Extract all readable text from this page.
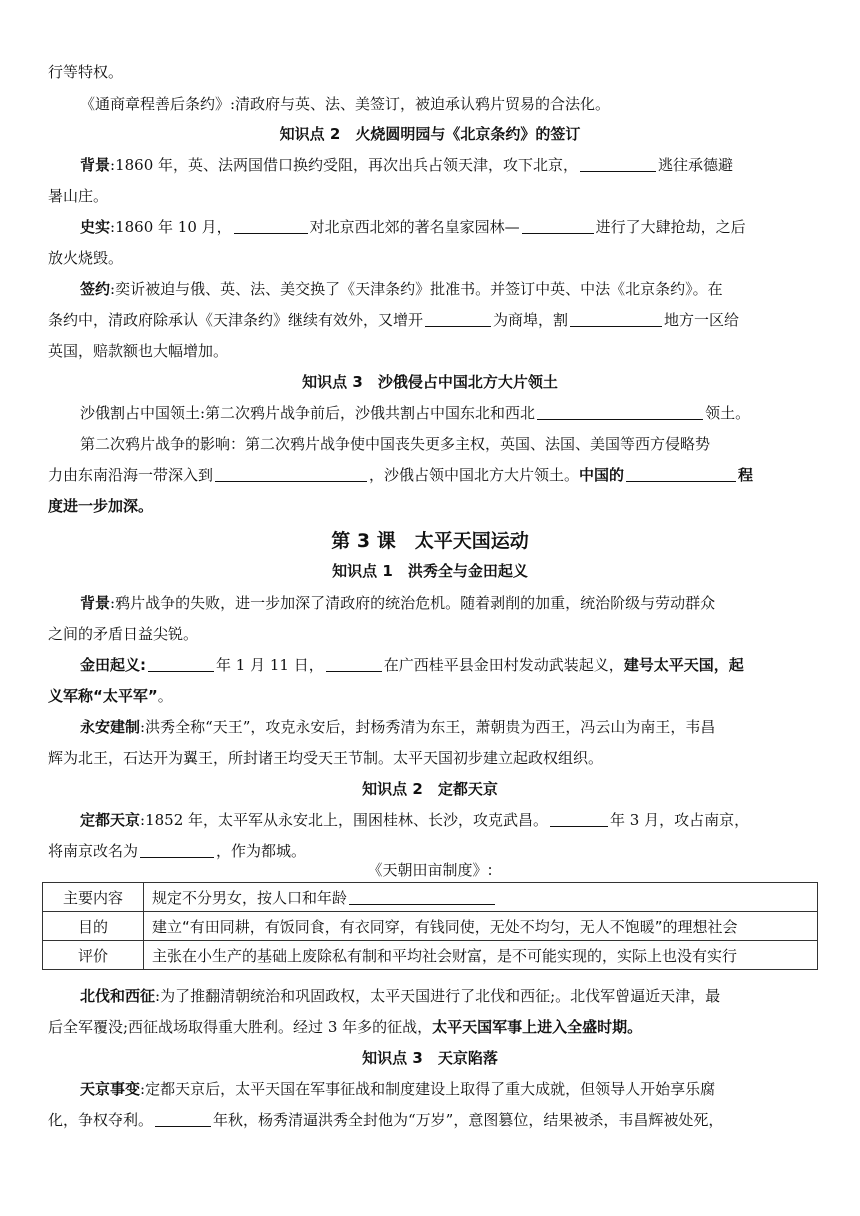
行等特权。
《通商章程善后条约》:清政府与英、法、美签订，被迫承认鸦片贸易的合法化。
知识点 2　火烧圆明园与《北京条约》的签订
背景:1860 年，英、法两国借口换约受阻，再次出兵占领天津，攻下北京，	逃往承德避
暑山庄。
史实:1860 年 10 月，	对北京西北郊的著名皇家园林—	进行了大肆抢劫，之后
放火烧毁。
签约:奕䜣被迫与俄、英、法、美交换了《天津条约》批准书。并签订中英、中法《北京条约》。在
条约中，清政府除承认《天津条约》继续有效外，又增开	为商埠，割	地方一区给
英国，赔款额也大幅增加。
知识点 3　沙俄侵占中国北方大片领土
沙俄割占中国领土:第二次鸦片战争前后，沙俄共割占中国东北和西北	领土。
第二次鸦片战争的影响：第二次鸦片战争使中国丧失更多主权，英国、法国、美国等西方侵略势
力由东南沿海一带深入到	，沙俄占领中国北方大片领土。中国的	程
度进一步加深。
第 3 课　太平天国运动
知识点 1　洪秀全与金田起义
背景:鸦片战争的失败，进一步加深了清政府的统治危机。随着剥削的加重，统治阶级与劳动群众
之间的矛盾日益尖锐。
金田起义:	年 1 月 11 日，	在广西桂平县金田村发动武装起义，建号太平天国，起
义军称“太平军”。
永安建制:洪秀全称“天王”，攻克永安后，封杨秀清为东王，萧朝贵为西王，冯云山为南王，韦昌
辉为北王，石达开为翼王，所封诸王均受天王节制。太平天国初步建立起政权组织。
知识点 2　定都天京
定都天京:1852 年，太平军从永安北上，围困桂林、长沙，攻克武昌。	年 3 月，攻占南京，
将南京改名为	，作为都城。
《天朝田亩制度》:
主要内容	规定不分男女，按人口和年龄
目的	建立“有田同耕，有饭同食，有衣同穿，有钱同使，无处不均匀，无人不饱暖”的理想社会
评价	主张在小生产的基础上废除私有制和平均社会财富，是不可能实现的，实际上也没有实行
北伐和西征:为了推翻清朝统治和巩固政权，太平天国进行了北伐和西征;。北伐军曾逼近天津，最
后全军覆没;西征战场取得重大胜利。经过 3 年多的征战，太平天国军事上进入全盛时期。
知识点 3　天京陷落
天京事变:定都天京后，太平天国在军事征战和制度建设上取得了重大成就，但领导人开始享乐腐
化，争权夺利。	年秋，杨秀清逼洪秀全封他为“万岁”，意图篡位，结果被杀，韦昌辉被处死，
